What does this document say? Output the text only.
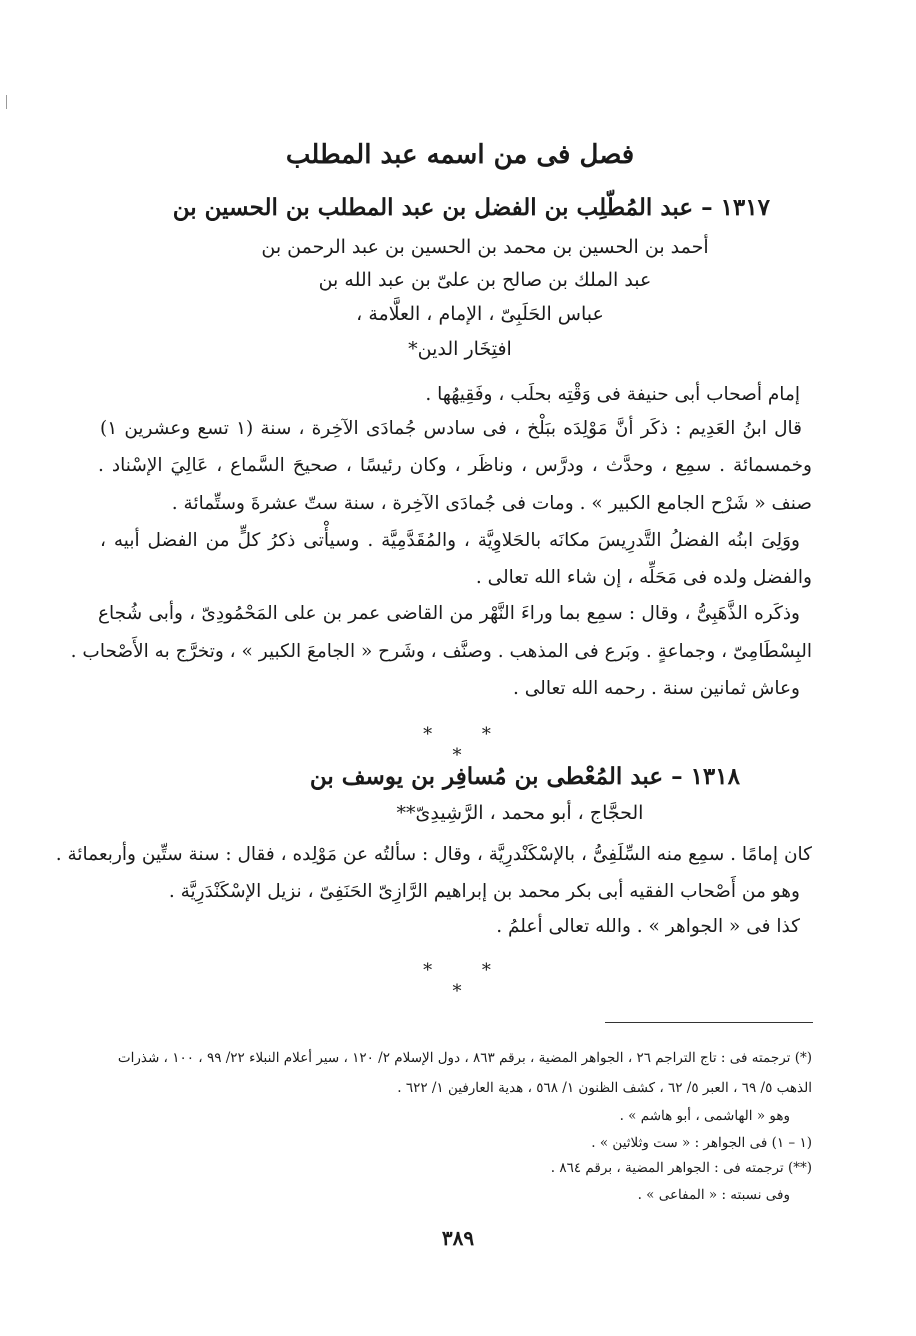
فصل فى من اسمه عبد المطلب
١٣١٧ – عبد المُطّلِب بن الفضل بن عبد المطلب بن الحسين بن
أحمد بن الحسين بن محمد بن الحسين بن عبد الرحمن بن
عبد الملك بن صالح بن علىّ بن عبد الله بن
عباس الحَلَبِىّ ، الإمام ، العلَّامة ،
افتِخَار الدين*
إمام أصحاب أبى حنيفة فى وَقْتِه بحلَب ، وفَقِيهُها .
قال ابنُ العَدِيم : ذكَر أنَّ مَوْلِدَه ببَلْخ ، فى سادس جُمادَى الآخِرة ، سنة (١ تسع وعشرين ١)
وخمسمائة . سمِع ، وحدَّث ، ودرَّس ، وناظَر ، وكان رئيسًا ، صحيحَ السَّماع ، عَالِيَ الإسْناد .
صنف « شَرْح الجامع الكبير » . ومات فى جُمادَى الآخِرة ، سنة ستّ عشرةَ وستِّمائة .
ووَلِىَ ابنُه الفضلُ التَّدرِيسَ مكانَه بالحَلاوِيَّة ، والمُقَدَّمِيَّة . وسيأْتى ذكرُ كلٍّ من الفضل أبيه ،
والفضل ولده فى مَحَلِّه ، إن شاء الله تعالى .
وذكَره الذَّهَبِىُّ ، وقال : سمِع بما وراءَ النَّهْر من القاضى عمر بن على المَحْمُودِىّ ، وأبى شُجاع
البِسْطَامِىّ ، وجماعةٍ . وبَرع فى المذهب . وصنَّف ، وشَرح « الجامعَ الكبير » ، وتخرَّج به الأَصْحاب .
وعاش ثمانين سنة . رحمه الله تعالى .
* * *
١٣١٨ – عبد المُعْطى بن مُسافِر بن يوسف بن
الحجَّاج ، أبو محمد ، الرَّشِيدِىّ**
كان إمامًا . سمِع منه السِّلَفِىُّ ، بالإسْكَنْدرِيَّة ، وقال : سألتُه عن مَوْلِده ، فقال : سنة ستِّين وأربعمائة .
وهو من أَصْحاب الفقيه أبى بكر محمد بن إبراهيم الرَّازِىّ الحَنَفِىّ ، نزيل الإسْكَنْدَرِيَّة .
كذا فى « الجواهر » . والله تعالى أعلمُ .
* * *
(*) ترجمته فى : تاج التراجم ٢٦ ، الجواهر المضية ، برقم ٨٦٣ ، دول الإسلام ٢/ ١٢٠ ، سير أعلام النبلاء ٢٢/ ٩٩ ، ١٠٠ ، شذرات
الذهب ٥/ ٦٩ ، العبر ٥/ ٦٢ ، كشف الظنون ١/ ٥٦٨ ، هدية العارفين ١/ ٦٢٢ .
وهو « الهاشمى ، أبو هاشم » .
(١ – ١) فى الجواهر : « ست وثلاثين » .
(**) ترجمته فى : الجواهر المضية ، برقم ٨٦٤ .
وفى نسبته : « المفاعى » .
٣٨٩
